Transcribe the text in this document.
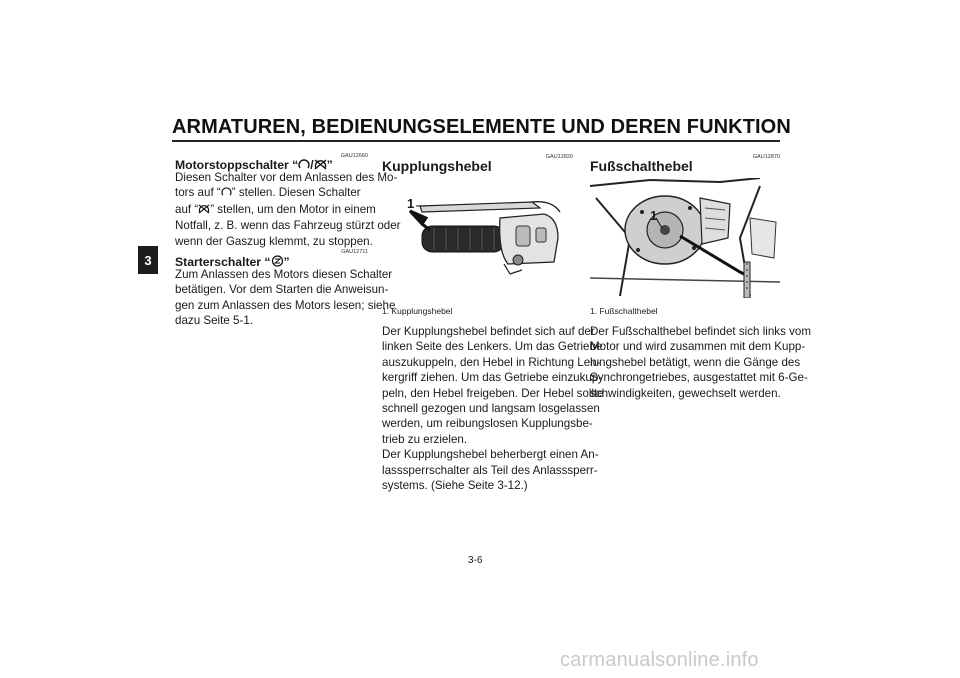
ARMATUREN, BEDIENUNGSELEMENTE UND DEREN FUNKTION
3
GAU12660
Motorstoppschalter “ / ”
Diesen Schalter vor dem Anlassen des Mo-
tors auf “ ” stellen. Diesen Schalter
auf “ ” stellen, um den Motor in einem
Notfall, z. B. wenn das Fahrzeug stürzt oder
wenn der Gaszug klemmt, zu stoppen.
GAU12711
Starterschalter “ ”
Zum Anlassen des Motors diesen Schalter
betätigen. Vor dem Starten die Anweisun-
gen zum Anlassen des Motors lesen; siehe
dazu Seite 5-1.
GAU12820
Kupplungshebel
1
1. Kupplungshebel
Der Kupplungshebel befindet sich auf der
linken Seite des Lenkers. Um das Getriebe
auszukuppeln, den Hebel in Richtung Len-
kergriff ziehen. Um das Getriebe einzukup-
peln, den Hebel freigeben. Der Hebel sollte
schnell gezogen und langsam losgelassen
werden, um reibungslosen Kupplungsbe-
trieb zu erzielen.
Der Kupplungshebel beherbergt einen An-
lasssperrschalter als Teil des Anlasssperr-
systems. (Siehe Seite 3-12.)
GAU12870
Fußschalthebel
1
1. Fußschalthebel
Der Fußschalthebel befindet sich links vom
Motor und wird zusammen mit dem Kupp-
lungshebel betätigt, wenn die Gänge des
Synchrongetriebes, ausgestattet mit 6-Ge-
schwindigkeiten, gewechselt werden.
3-6
carmanualsonline.info
